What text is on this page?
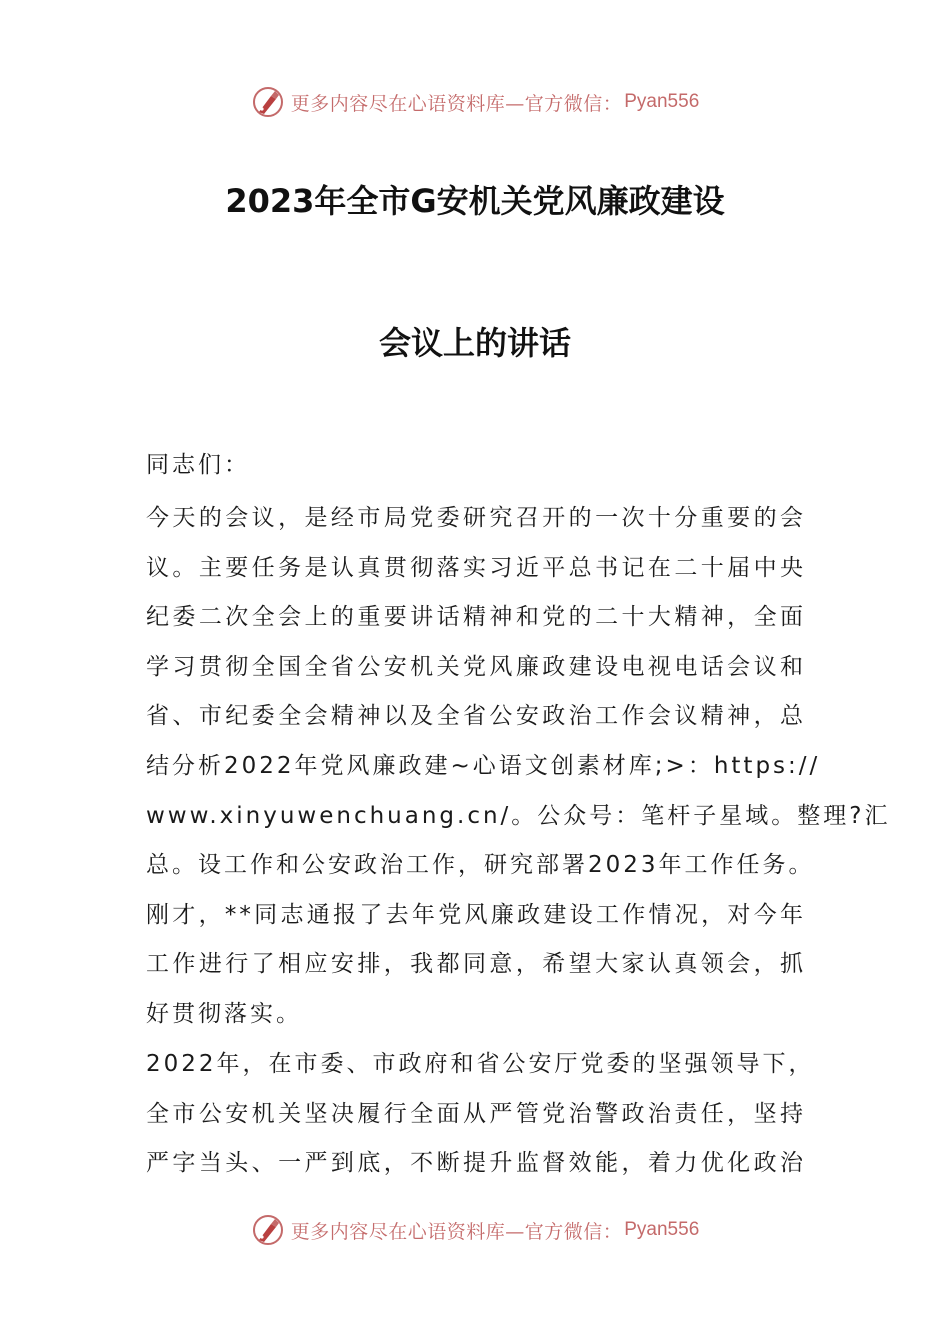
更多内容尽在心语资料库—官方微信： Pyan556
2023年全市G安机关党风廉政建设
会议上的讲话
同志们：
今天的会议，是经市局党委研究召开的一次十分重要的会
议。主要任务是认真贯彻落实习近平总书记在二十届中央
纪委二次全会上的重要讲话精神和党的二十大精神，全面
学习贯彻全国全省公安机关党风廉政建设电视电话会议和
省、市纪委全会精神以及全省公安政治工作会议精神，总
结分析2022年党风廉政建~心语文创素材库;>：https://
www.xinyuwenchuang.cn/。公众号：笔杆子星域。整理?汇
总。设工作和公安政治工作，研究部署2023年工作任务。
刚才，**同志通报了去年党风廉政建设工作情况，对今年
工作进行了相应安排，我都同意，希望大家认真领会，抓
好贯彻落实。
2022年，在市委、市政府和省公安厅党委的坚强领导下，
全市公安机关坚决履行全面从严管党治警政治责任，坚持
严字当头、一严到底，不断提升监督效能，着力优化政治
更多内容尽在心语资料库—官方微信： Pyan556
